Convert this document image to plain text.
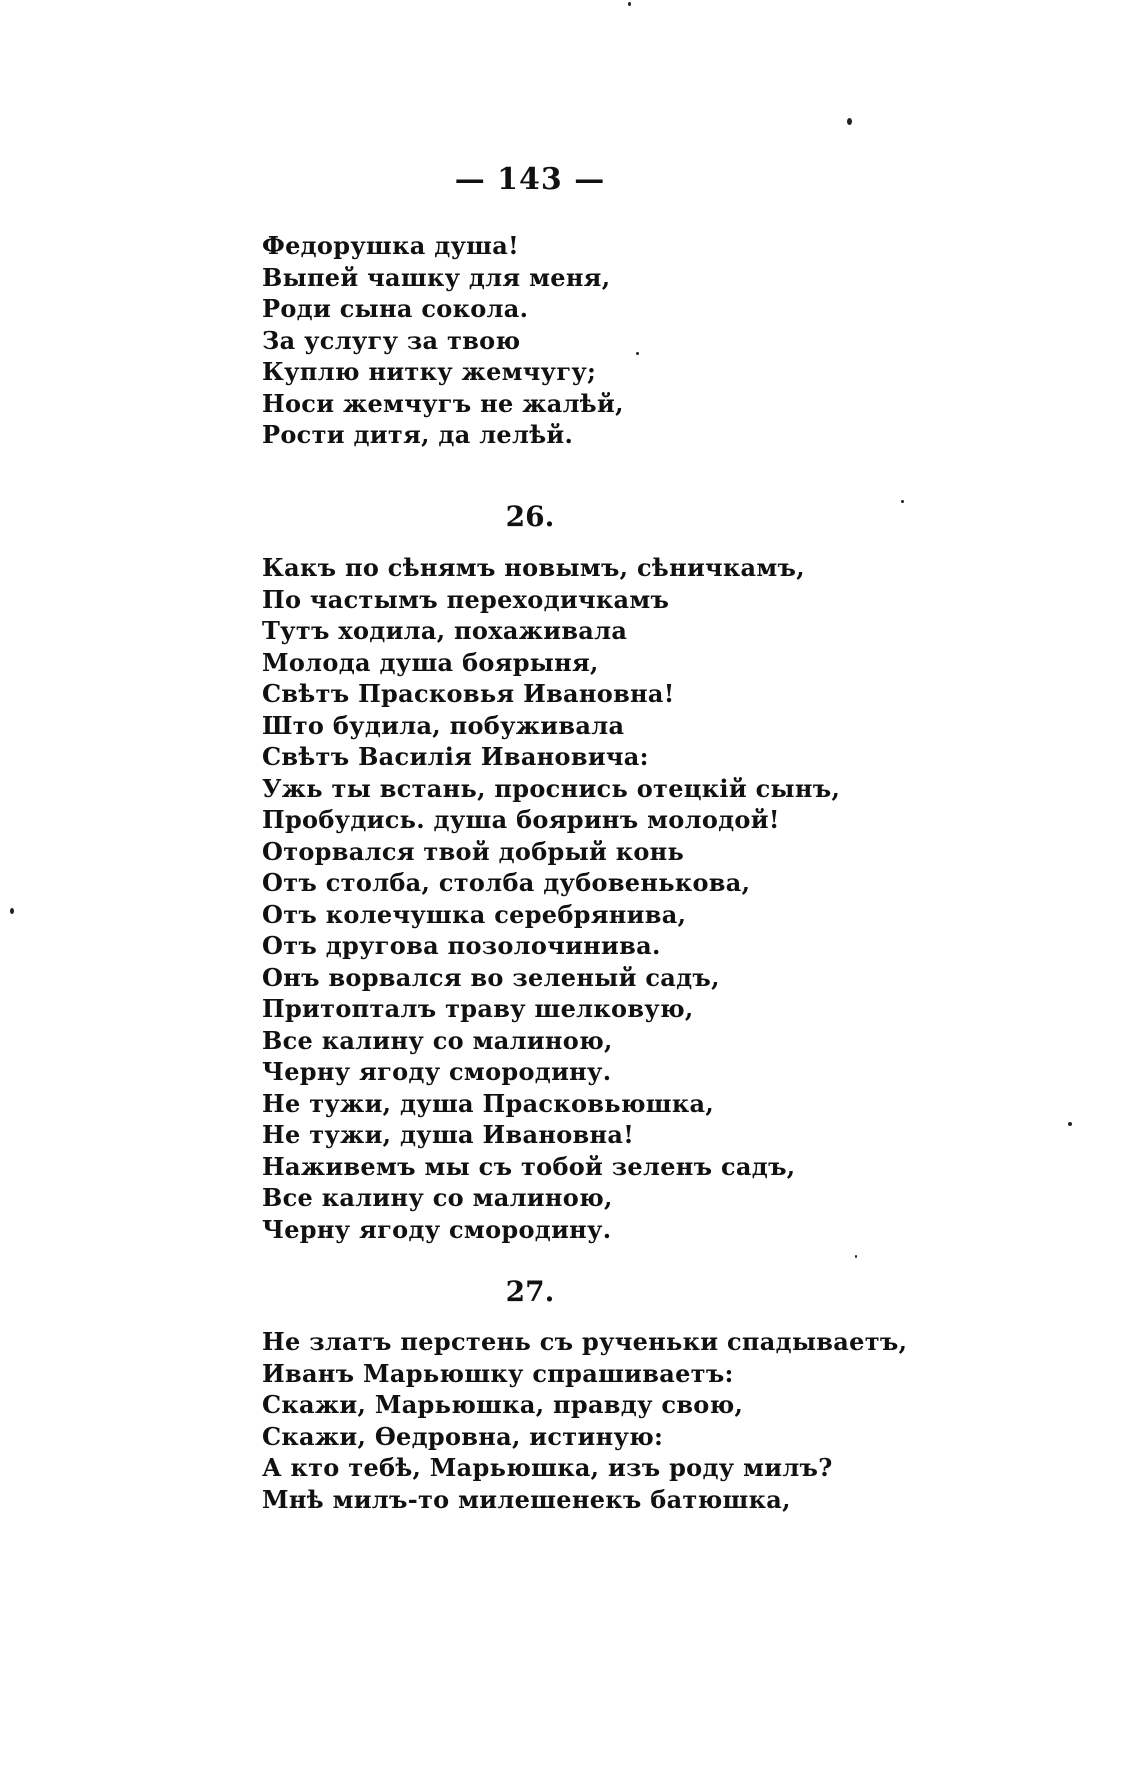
— 143 —
Федорушка душа!
Выпей чашку для меня,
Роди сына сокола.
За услугу за твою
Куплю нитку жемчугу;
Носи жемчугъ не жалѣй,
Рости дитя, да лелѣй.
26.
Какъ по сѣнямъ новымъ, сѣничкамъ,
По частымъ переходичкамъ
Тутъ ходила, похаживала
Молода душа боярыня,
Свѣтъ Прасковья Ивановна!
Што будила, побуживала
Свѣтъ Василія Ивановича:
Ужь ты встань, проснись отецкій сынъ,
Пробудись. душа бояринъ молодой!
Оторвался твой добрый конь
Отъ столба, столба дубовенькова,
Отъ колечушка серебрянива,
Отъ другова позолочинива.
Онъ ворвался во зеленый садъ,
Притопталъ траву шелковую,
Все калину со малиною,
Черну ягоду смородину.
Не тужи, душа Прасковьюшка,
Не тужи, душа Ивановна!
Наживемъ мы съ тобой зеленъ садъ,
Все калину со малиною,
Черну ягоду смородину.
27.
Не златъ перстень съ рученьки спадываетъ,
Иванъ Марьюшку спрашиваетъ:
Скажи, Марьюшка, правду свою,
Скажи, Ѳедровна, истиную:
А кто тебѣ, Марьюшка, изъ роду милъ?
Мнѣ милъ-то милешенекъ батюшка,
